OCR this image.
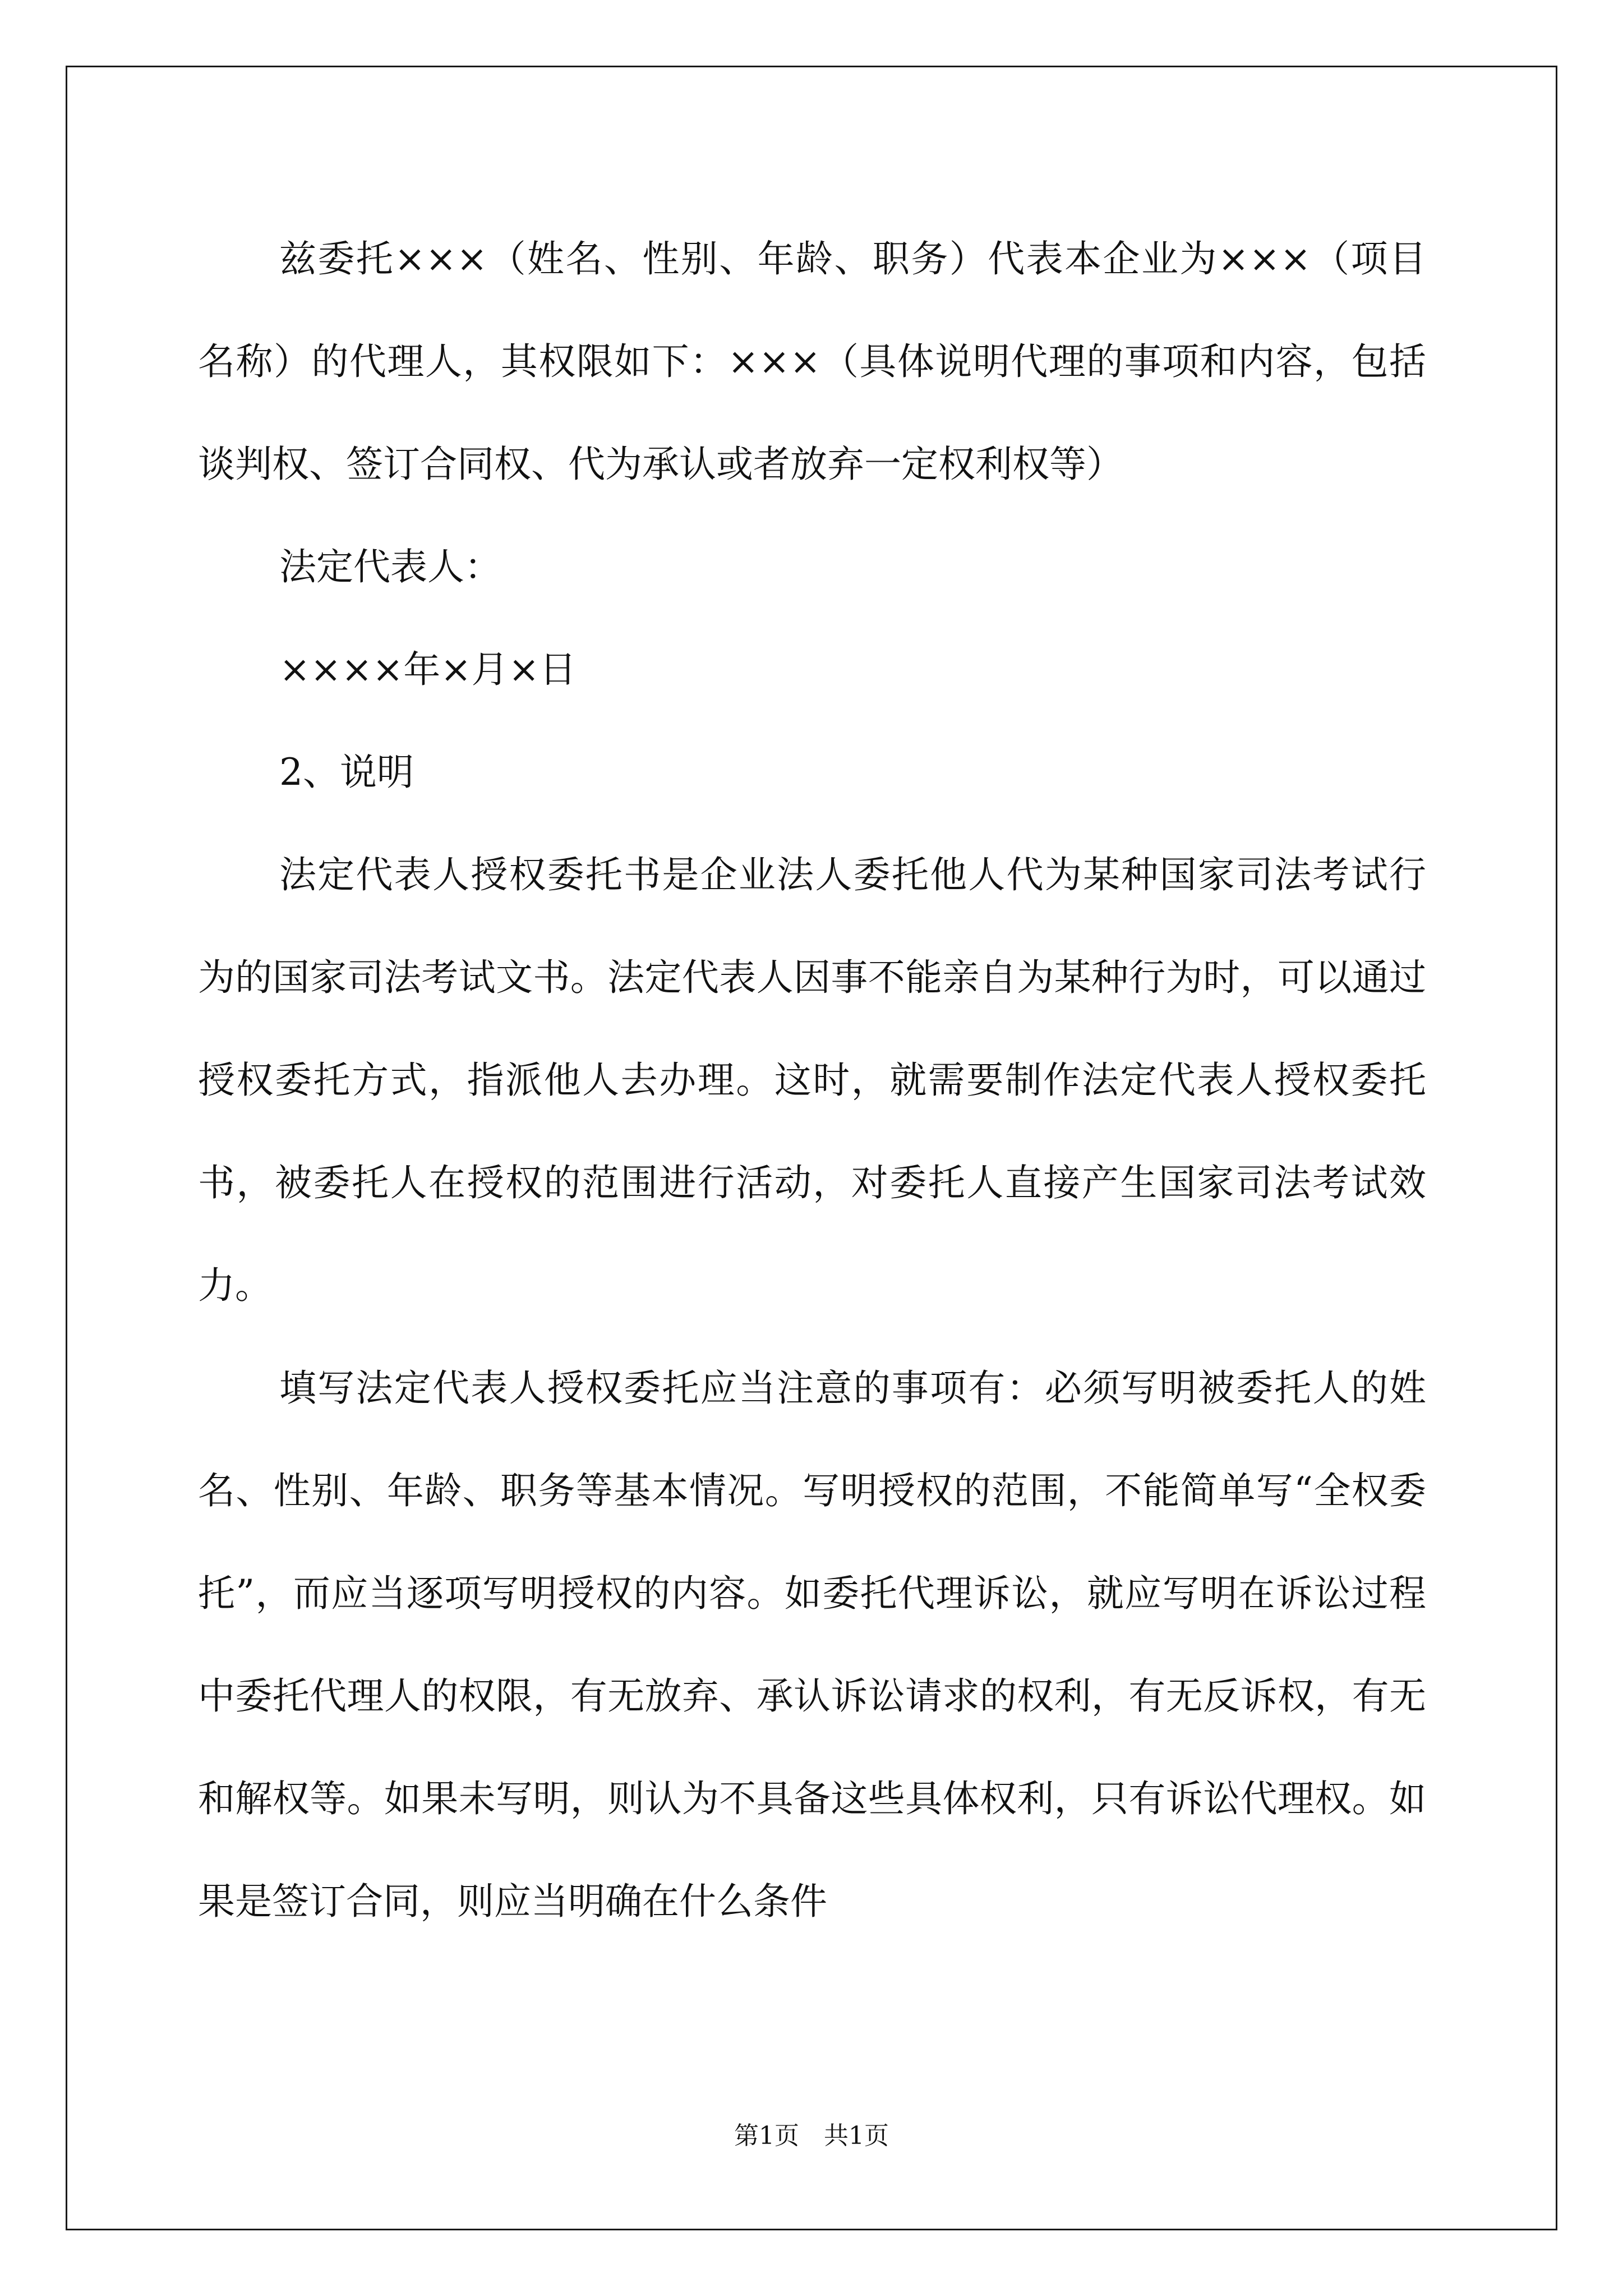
兹委托×××（姓名、性别、年龄、职务）代表本企业为×××（项目名称）的代理人，其权限如下：×××（具体说明代理的事项和内容，包括谈判权、签订合同权、代为承认或者放弃一定权利权等）

法定代表人：

××××年×月×日

2、说明

法定代表人授权委托书是企业法人委托他人代为某种国家司法考试行为的国家司法考试文书。法定代表人因事不能亲自为某种行为时，可以通过授权委托方式，指派他人去办理。这时，就需要制作法定代表人授权委托书，被委托人在授权的范围进行活动，对委托人直接产生国家司法考试效力。

填写法定代表人授权委托应当注意的事项有：必须写明被委托人的姓名、性别、年龄、职务等基本情况。写明授权的范围，不能简单写“全权委托”，而应当逐项写明授权的内容。如委托代理诉讼，就应写明在诉讼过程中委托代理人的权限，有无放弃、承认诉讼请求的权利，有无反诉权，有无和解权等。如果未写明，则认为不具备这些具体权利，只有诉讼代理权。如果是签订合同，则应当明确在什么条件

第1页　共1页
